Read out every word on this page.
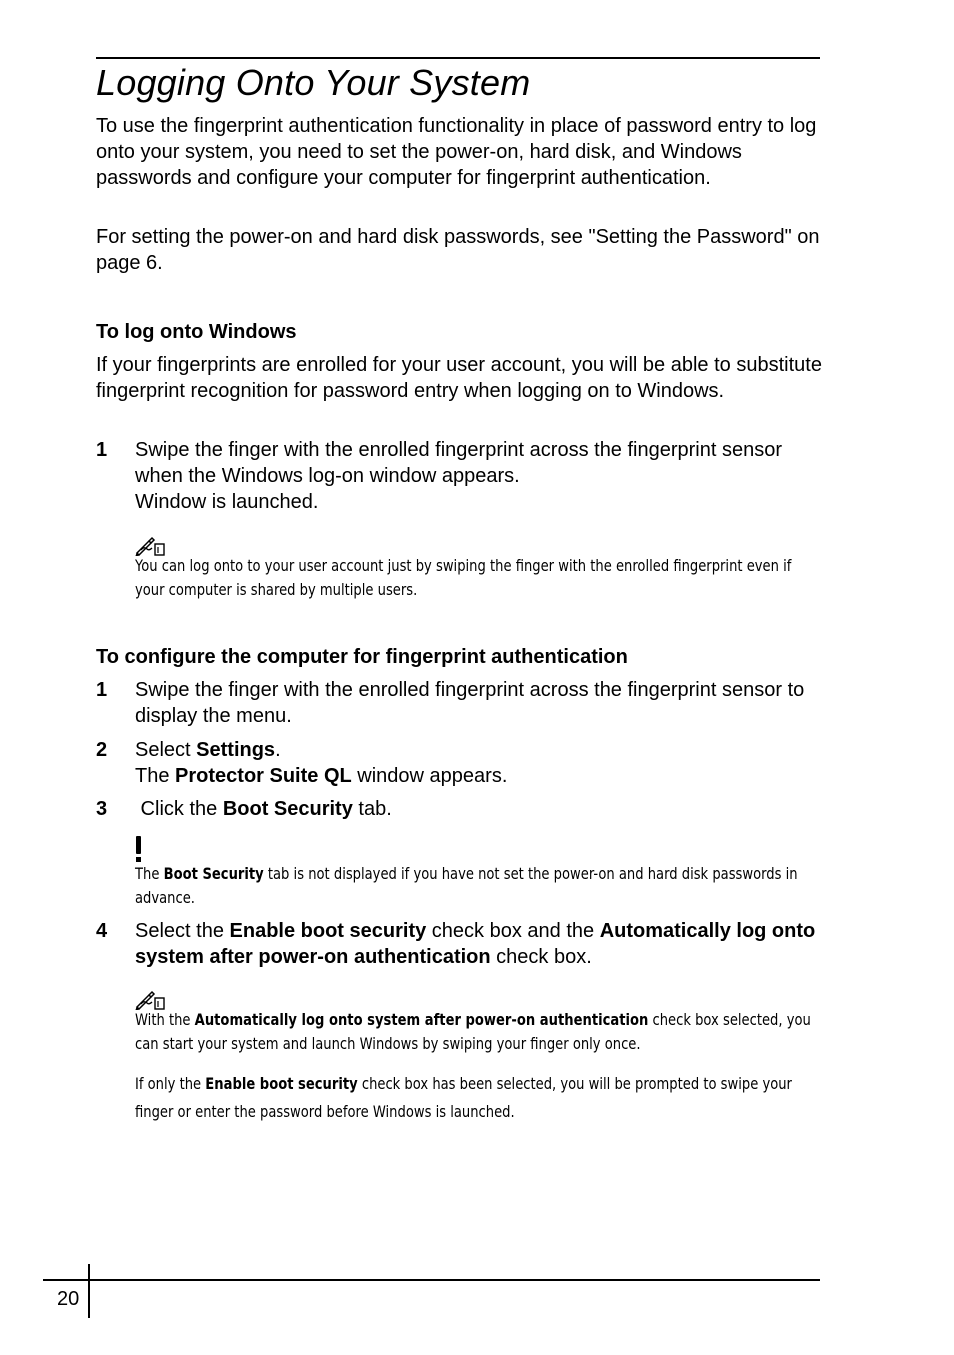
Logging Onto Your System

To use the fingerprint authentication functionality in place of password entry to log onto your system, you need to set the power-on, hard disk, and Windows passwords and configure your computer for fingerprint authentication.

For setting the power-on and hard disk passwords, see "Setting the Password" on page 6.

To log onto Windows

If your fingerprints are enrolled for your user account, you will be able to substitute fingerprint recognition for password entry when logging on to Windows.

1	Swipe the finger with the enrolled fingerprint across the fingerprint sensor when the Windows log-on window appears.
Window is launched.
You can log onto to your user account just by swiping the finger with the enrolled fingerprint even if your computer is shared by multiple users.
To configure the computer for fingerprint authentication
1	Swipe the finger with the enrolled fingerprint across the fingerprint sensor to display the menu.
2	Select Settings.
The Protector Suite QL window appears.
3	Click the Boot Security tab.
The Boot Security tab is not displayed if you have not set the power-on and hard disk passwords in advance.
4	Select the Enable boot security check box and the Automatically log onto system after power-on authentication check box.
With the Automatically log onto system after power-on authentication check box selected, you can start your system and launch Windows by swiping your finger only once.
If only the Enable boot security check box has been selected, you will be prompted to swipe your finger or enter the password before Windows is launched.
20
